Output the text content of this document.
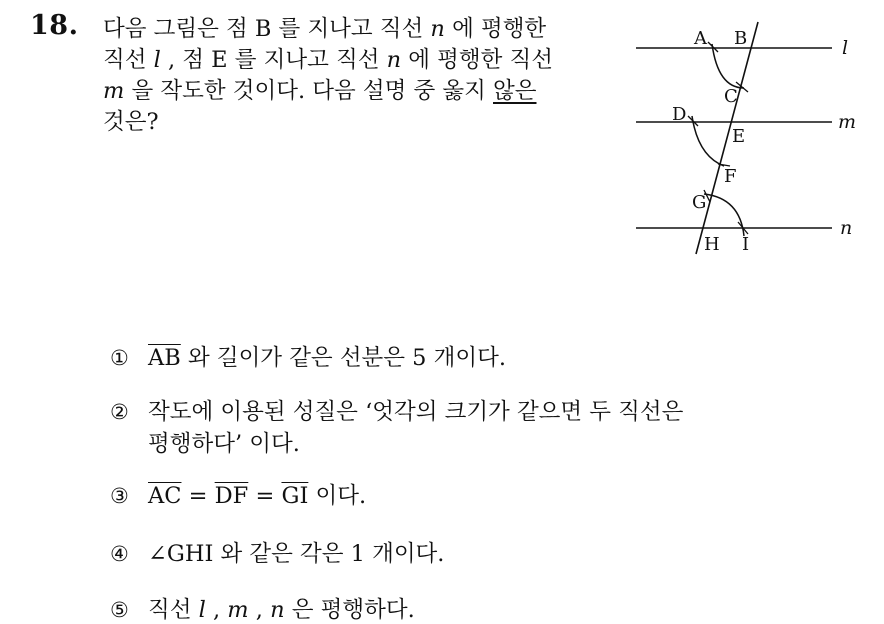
18. 다음 그림은 점 B 를 지나고 직선 n 에 평행한
직선 l , 점 E 를 지나고 직선 n 에 평행한 직선
m 을 작도한 것이다. 다음 설명 중 옳지 않은
것은?
A B
C
D
E
F
G
H I
l
m
n
① $\overline{AB}$ 와 길이가 같은 선분은 5 개이다.
② 작도에 이용된 성질은 ‘엇각의 크기가 같으면 두 직선은
평행하다’ 이다.
③ $\overline{AC} = \overline{DF} = \overline{GI}$ 이다.
④ ∠GHI 와 같은 각은 1 개이다.
⑤ 직선 l , m , n 은 평행하다.
